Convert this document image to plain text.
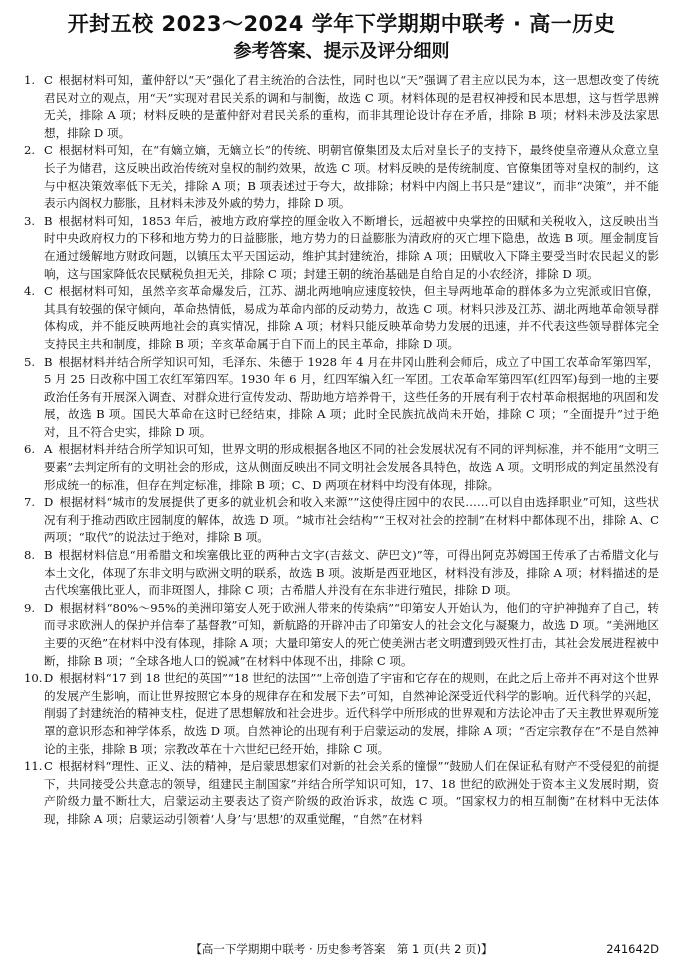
开封五校 2023～2024 学年下学期期中联考 · 高一历史
参考答案、提示及评分细则

1. C 根据材料可知，董仲舒以“天”强化了君主统治的合法性，同时也以“天”强调了君主应以民为本，这一思想改变了传统君民对立的观点，用“天”实现对君民关系的调和与制衡，故选 C 项。材料体现的是君权神授和民本思想，这与哲学思辨无关，排除 A 项；材料反映的是董仲舒对君民关系的重构，而非其理论设计存在矛盾，排除 B 项；材料未涉及法家思想，排除 D 项。

2. C 根据材料可知，在“有嫡立嫡，无嫡立长”的传统、明朝官僚集团及太后对皇长子的支持下，最终使皇帝遵从众意立皇长子为储君，这反映出政治传统对皇权的制约效果，故选 C 项。材料反映的是传统制度、官僚集团等对皇权的制约，这与中枢决策效率低下无关，排除 A 项；B 项表述过于夸大，故排除；材料中内阁上书只是“建议”，而非“决策”，并不能表示内阁权力膨胀，且材料未涉及外戚的势力，排除 D 项。

3. B 根据材料可知，1853 年后，被地方政府掌控的厘金收入不断增长，远超被中央掌控的田赋和关税收入，这反映出当时中央政府权力的下移和地方势力的日益膨胀，地方势力的日益膨胀为清政府的灭亡埋下隐患，故选 B 项。厘金制度旨在通过缓解地方财政问题，以镇压太平天国运动，维护其封建统治，排除 A 项；田赋收入下降主要受当时农民起义的影响，这与国家降低农民赋税负担无关，排除 C 项；封建王朝的统治基础是自给自足的小农经济，排除 D 项。

4. C 根据材料可知，虽然辛亥革命爆发后，江苏、湖北两地响应速度较快，但主导两地革命的群体多为立宪派或旧官僚，其具有较强的保守倾向，革命热情低，易成为革命内部的反动势力，故选 C 项。材料只涉及江苏、湖北两地革命领导群体构成，并不能反映两地社会的真实情况，排除 A 项；材料只能反映革命势力发展的迅速，并不代表这些领导群体完全支持民主共和制度，排除 B 项；辛亥革命属于自下而上的民主革命，排除 D 项。

5. B 根据材料并结合所学知识可知，毛泽东、朱德于 1928 年 4 月在井冈山胜利会师后，成立了中国工农革命军第四军，5 月 25 日改称中国工农红军第四军。1930 年 6 月，红四军编入红一军团。工农革命军第四军(红四军)每到一地的主要政治任务有开展深入调查、对群众进行宣传发动、帮助地方培养骨干，这些任务的开展有利于农村革命根据地的巩固和发展，故选 B 项。国民大革命在这时已经结束，排除 A 项；此时全民族抗战尚未开始，排除 C 项；“全面提升”过于绝对，且不符合史实，排除 D 项。

6. A 根据材料并结合所学知识可知，世界文明的形成根据各地区不同的社会发展状况有不同的评判标准，并不能用“文明三要素”去判定所有的文明社会的形成，这从侧面反映出不同文明社会发展各具特色，故选 A 项。文明形成的判定虽然没有形成统一的标准，但存在判定标准，排除 B 项；C、D 两项在材料中均没有体现，排除。

7. D 根据材料“城市的发展提供了更多的就业机会和收入来源”“这使得庄园中的农民……可以自由选择职业”可知，这些状况有利于推动西欧庄园制度的解体，故选 D 项。“城市社会结构”“王权对社会的控制”在材料中都体现不出，排除 A、C 两项；“取代”的说法过于绝对，排除 B 项。

8. B 根据材料信息“用希腊文和埃塞俄比亚的两种古文字(吉兹文、萨巴文)”等，可得出阿克苏姆国王传承了古希腊文化与本土文化，体现了东非文明与欧洲文明的联系，故选 B 项。波斯是西亚地区，材料没有涉及，排除 A 项；材料描述的是古代埃塞俄比亚人，而非斑图人，排除 C 项；古希腊人并没有在东非进行殖民，排除 D 项。

9. D 根据材料“80%～95%的美洲印第安人死于欧洲人带来的传染病”“印第安人开始认为，他们的守护神抛弃了自己，转而寻求欧洲人的保护并信奉了基督教”可知，新航路的开辟冲击了印第安人的社会文化与凝聚力，故选 D 项。“美洲地区主要的灭绝”在材料中没有体现，排除 A 项；大量印第安人的死亡使美洲古老文明遭到毁灭性打击，其社会发展进程被中断，排除 B 项；“全球各地人口的锐减”在材料中体现不出，排除 C 项。

10. D 根据材料“17 到 18 世纪的英国”“18 世纪的法国”“上帝创造了宇宙和它存在的规则，在此之后上帝并不再对这个世界的发展产生影响，而让世界按照它本身的规律存在和发展下去”可知，自然神论深受近代科学的影响。近代科学的兴起，削弱了封建统治的精神支柱，促进了思想解放和社会进步。近代科学中所形成的世界观和方法论冲击了天主教世界观所笼罩的意识形态和神学体系，故选 D 项。自然神论的出现有利于启蒙运动的发展，排除 A 项；“否定宗教存在”不是自然神论的主张，排除 B 项；宗教改革在十六世纪已经开始，排除 C 项。

11. C 根据材料“理性、正义、法的精神，是启蒙思想家们对新的社会关系的憧憬”“鼓励人们在保证私有财产不受侵犯的前提下，共同接受公共意志的领导，组建民主制国家”并结合所学知识可知，17、18 世纪的欧洲处于资本主义发展时期，资产阶级力量不断壮大，启蒙运动主要表达了资产阶级的政治诉求，故选 C 项。“国家权力的相互制衡”在材料中无法体现，排除 A 项；启蒙运动引领着‘人身’与‘思想’的双重觉醒，“自然”在材料

【高一下学期期中联考 · 历史参考答案　第 1 页(共 2 页)】	241642D
